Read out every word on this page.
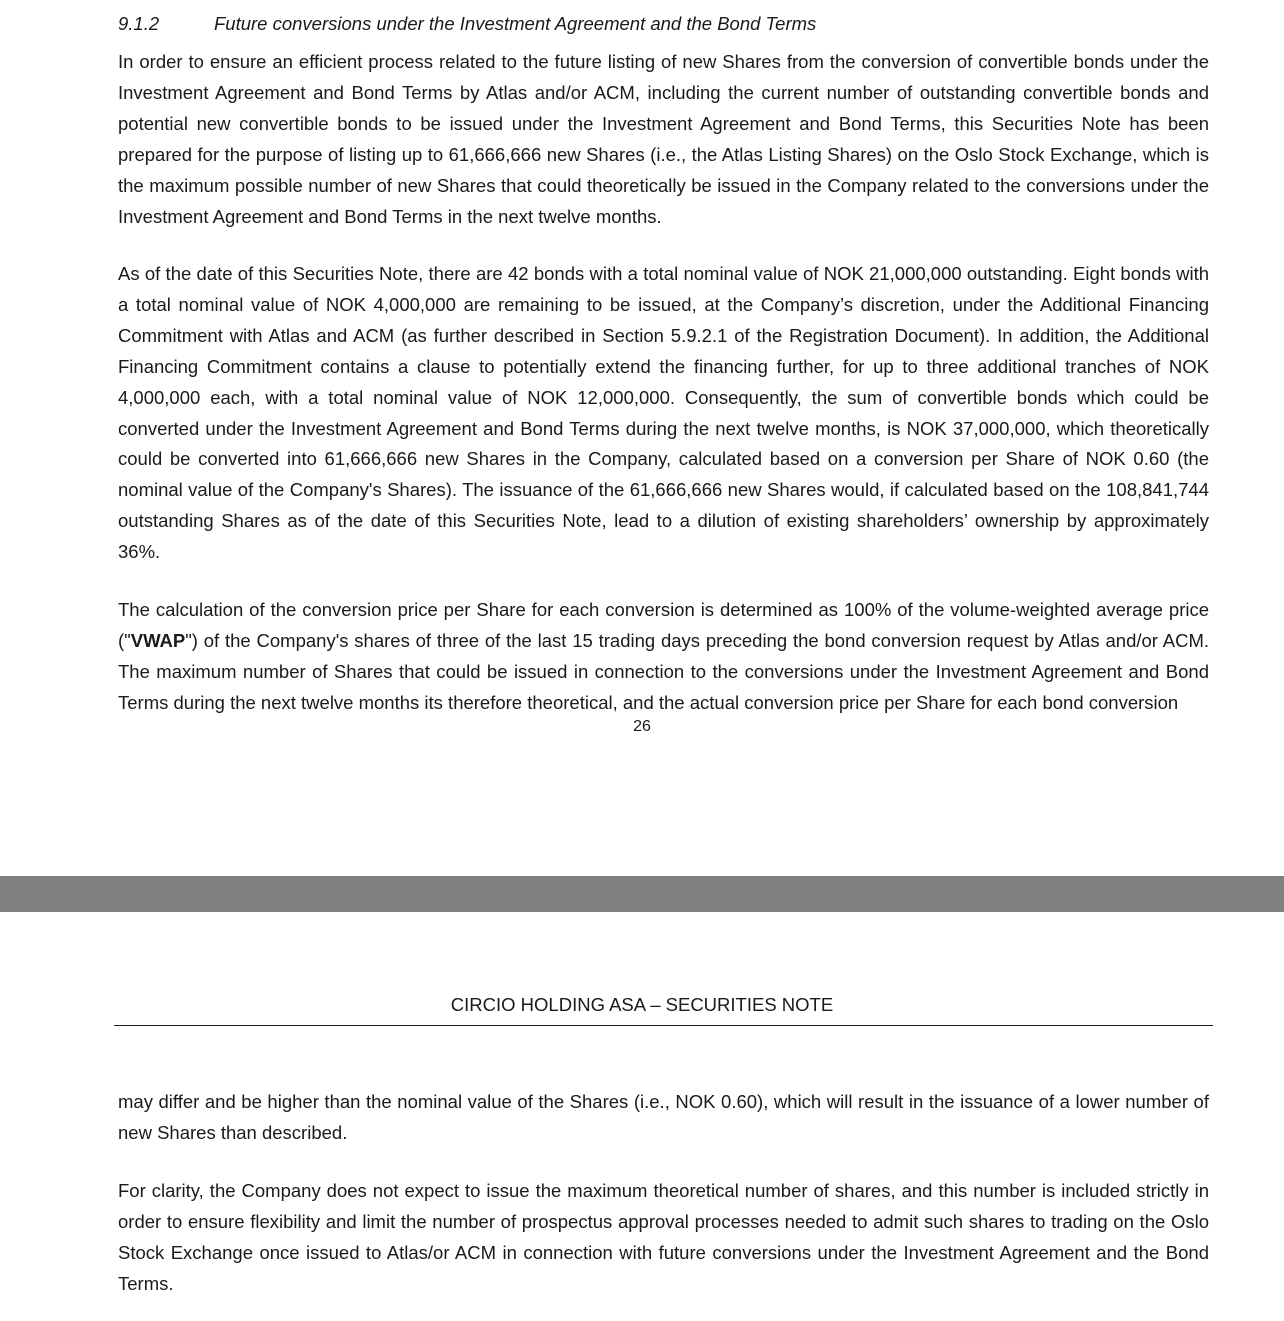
9.1.2	Future conversions under the Investment Agreement and the Bond Terms

In order to ensure an efficient process related to the future listing of new Shares from the conversion of convertible bonds under the Investment Agreement and Bond Terms by Atlas and/or ACM, including the current number of outstanding convertible bonds and potential new convertible bonds to be issued under the Investment Agreement and Bond Terms, this Securities Note has been prepared for the purpose of listing up to 61,666,666 new Shares (i.e., the Atlas Listing Shares) on the Oslo Stock Exchange, which is the maximum possible number of new Shares that could theoretically be issued in the Company related to the conversions under the Investment Agreement and Bond Terms in the next twelve months.

As of the date of this Securities Note, there are 42 bonds with a total nominal value of NOK 21,000,000 outstanding. Eight bonds with a total nominal value of NOK 4,000,000 are remaining to be issued, at the Company’s discretion, under the Additional Financing Commitment with Atlas and ACM (as further described in Section 5.9.2.1 of the Registration Document). In addition, the Additional Financing Commitment contains a clause to potentially extend the financing further, for up to three additional tranches of NOK 4,000,000 each, with a total nominal value of NOK 12,000,000. Consequently, the sum of convertible bonds which could be converted under the Investment Agreement and Bond Terms during the next twelve months, is NOK 37,000,000, which theoretically could be converted into 61,666,666 new Shares in the Company, calculated based on a conversion per Share of NOK 0.60 (the nominal value of the Company's Shares). The issuance of the 61,666,666 new Shares would, if calculated based on the 108,841,744 outstanding Shares as of the date of this Securities Note, lead to a dilution of existing shareholders’ ownership by approximately 36%.

The calculation of the conversion price per Share for each conversion is determined as 100% of the volume-weighted average price ("VWAP") of the Company's shares of three of the last 15 trading days preceding the bond conversion request by Atlas and/or ACM. The maximum number of Shares that could be issued in connection to the conversions under the Investment Agreement and Bond Terms during the next twelve months its therefore theoretical, and the actual conversion price per Share for each bond conversion

26
CIRCIO HOLDING ASA – SECURITIES NOTE

may differ and be higher than the nominal value of the Shares (i.e., NOK 0.60), which will result in the issuance of a lower number of new Shares than described.

For clarity, the Company does not expect to issue the maximum theoretical number of shares, and this number is included strictly in order to ensure flexibility and limit the number of prospectus approval processes needed to admit such shares to trading on the Oslo Stock Exchange once issued to Atlas/or ACM in connection with future conversions under the Investment Agreement and the Bond Terms.
